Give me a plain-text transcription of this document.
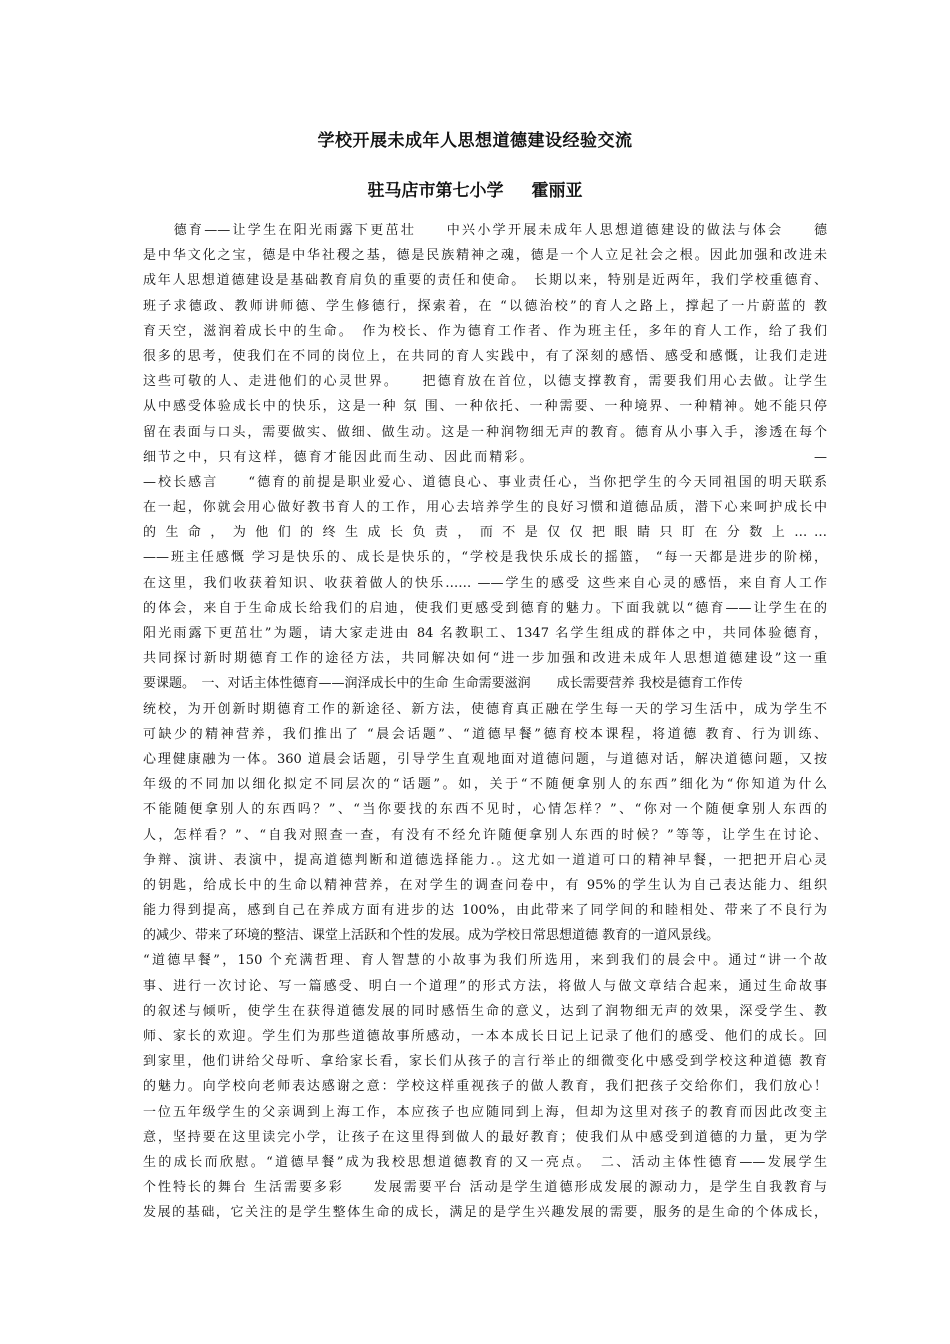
学校开展未成年人思想道德建设经验交流
驻马店市第七小学 霍丽亚
　　德育——让学生在阳光雨露下更茁壮　　中兴小学开展未成年人思想道德建设的做法与体会　　德
是中华文化之宝，德是中华社稷之基，德是民族精神之魂，德是一个人立足社会之根。因此加强和改进未
成年人思想道德建设是基础教育肩负的重要的责任和使命。　长期以来，特别是近两年，我们学校重德育、
班子求德政、教师讲师德、学生修德行，探索着，在 “以德治校”的育人之路上，撑起了一片蔚蓝的 教
育天空，滋润着成长中的生命。　作为校长、作为德育工作者、作为班主任，多年的育人工作，给了我们
很多的思考，使我们在不同的岗位上，在共同的育人实践中，有了深刻的感悟、感受和感慨，让我们走进
这些可敬的人、走进他们的心灵世界。　　把德育放在首位，以德支撑教育，需要我们用心去做。让学生
从中感受体验成长中的快乐，这是一种 氛 围、一种依托、一种需要、一种境界、一种精神。她不能只停
留在表面与口头，需要做实、做细、做生动。这是一种润物细无声的教育。德育从小事入手，渗透在每个
细节之中，只有这样，德育才能因此而生动、因此而精彩。　　　　　　　　　　　　　　　　　　　—
—校长感言　　“德育的前提是职业爱心、道德良心、事业责任心，当你把学生的今天同祖国的明天联系
在一起，你就会用心做好教书育人的工作，用心去培养学生的良好习惯和道德品质，潜下心来呵护成长中
的 生 命 ， 为 他 们 的 终 生 成 长 负 责 ， 而 不 是 仅 仅 把 眼 睛 只 盯 在 分 数 上 … …
——班主任感慨 学习是快乐的、成长是快乐的，“学校是我快乐成长的摇篮， “每一天都是进步的阶梯，
在这里，我们收获着知识、收获着做人的快乐…… ——学生的感受 这些来自心灵的感悟，来自育人工作
的体会，来自于生命成长给我们的启迪，使我们更感受到德育的魅力。下面我就以“德育——让学生在的
阳光雨露下更茁壮”为题，请大家走进由 84 名教职工、1347 名学生组成的群体之中，共同体验德育，
共同探讨新时期德育工作的途径方法，共同解决如何“进一步加强和改进未成年人思想道德建设”这一重
要课题。　一、对话主体性德育——润泽成长中的生命 生命需要滋润　　成长需要营养 我校是德育工作传
统校，为开创新时期德育工作的新途径、新方法，使德育真正融在学生每一天的学习生活中，成为学生不
可缺少的精神营养，我们推出了 “晨会话题”、“道德早餐”德育校本课程，将道德 教育、行为训练、
心理健康融为一体。360 道晨会话题，引导学生直观地面对道德问题，与道德对话，解决道德问题，又按
年级的不同加以细化拟定不同层次的“话题”。如，关于“不随便拿别人的东西”细化为“你知道为什么
不能随便拿别人的东西吗？”、“当你要找的东西不见时，心情怎样？”、“你对一个随便拿别人东西的
人，怎样看？”、“自我对照查一查，有没有不经允许随便拿别人东西的时候？”等等，让学生在讨论、
争辩、演讲、表演中，提高道德判断和道德选择能力.。这尤如一道道可口的精神早餐，一把把开启心灵
的钥匙，给成长中的生命以精神营养，在对学生的调查问卷中，有 95%的学生认为自己表达能力、组织
能力得到提高，感到自己在养成方面有进步的达 100%，由此带来了同学间的和睦相处、带来了不良行为
的减少、带来了环境的整洁、课堂上活跃和个性的发展。成为学校日常思想道德 教育的一道风景线。
“道德早餐”，150 个充满哲理、育人智慧的小故事为我们所选用，来到我们的晨会中。通过“讲一个故
事、进行一次讨论、写一篇感受、明白一个道理”的形式方法，将做人与做文章结合起来，通过生命故事
的叙述与倾听，使学生在获得道德发展的同时感悟生命的意义，达到了润物细无声的效果，深受学生、教
师、家长的欢迎。学生们为那些道德故事所感动，一本本成长日记上记录了他们的感受、他们的成长。回
到家里，他们讲给父母听、拿给家长看，家长们从孩子的言行举止的细微变化中感受到学校这种道德 教育
的魅力。向学校向老师表达感谢之意：学校这样重视孩子的做人教育，我们把孩子交给你们，我们放心！
一位五年级学生的父亲调到上海工作，本应孩子也应随同到上海，但却为这里对孩子的教育而因此改变主
意，坚持要在这里读完小学，让孩子在这里得到做人的最好教育；使我们从中感受到道德的力量，更为学
生的成长而欣慰。“道德早餐”成为我校思想道德教育的又一亮点。　二、活动主体性德育——发展学生
个性特长的舞台 生活需要多彩　　发展需要平台 活动是学生道德形成发展的源动力，是学生自我教育与
发展的基础，它关注的是学生整体生命的成长，满足的是学生兴趣发展的需要，服务的是生命的个体成长，
